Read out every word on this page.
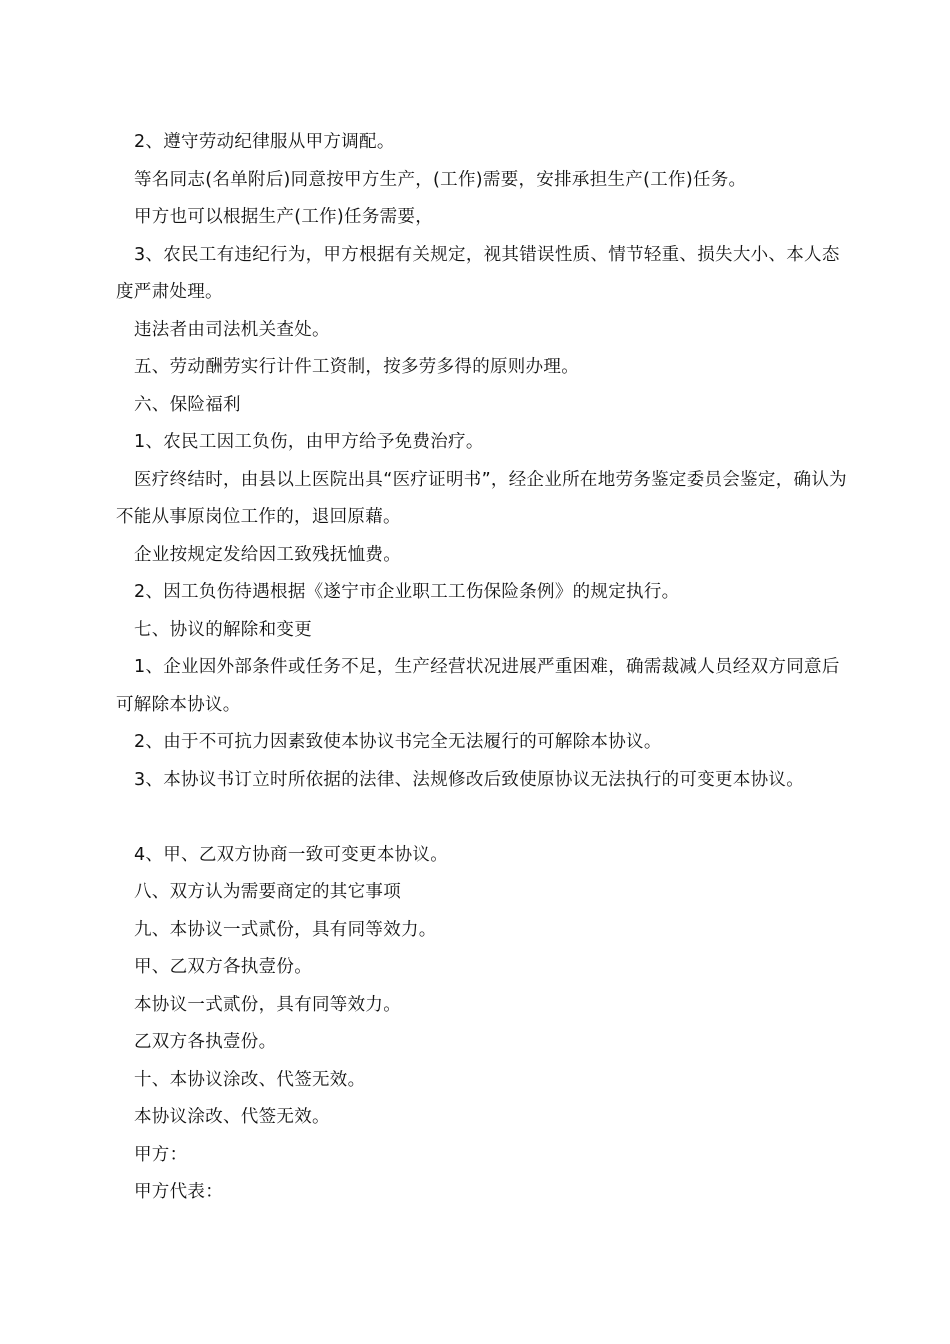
2、遵守劳动纪律服从甲方调配。

等名同志(名单附后)同意按甲方生产，(工作)需要，安排承担生产(工作)任务。

甲方也可以根据生产(工作)任务需要，

3、农民工有违纪行为，甲方根据有关规定，视其错误性质、情节轻重、损失大小、本人态度严肃处理。

违法者由司法机关查处。

五、劳动酬劳实行计件工资制，按多劳多得的原则办理。

六、保险福利

1、农民工因工负伤，由甲方给予免费治疗。

医疗终结时，由县以上医院出具“医疗证明书”，经企业所在地劳务鉴定委员会鉴定，确认为不能从事原岗位工作的，退回原藉。

企业按规定发给因工致残抚恤费。

2、因工负伤待遇根据《遂宁市企业职工工伤保险条例》的规定执行。

七、协议的解除和变更

1、企业因外部条件或任务不足，生产经营状况进展严重困难，确需裁减人员经双方同意后可解除本协议。

2、由于不可抗力因素致使本协议书完全无法履行的可解除本协议。

3、本协议书订立时所依据的法律、法规修改后致使原协议无法执行的可变更本协议。

4、甲、乙双方协商一致可变更本协议。

八、双方认为需要商定的其它事项

九、本协议一式贰份，具有同等效力。

甲、乙双方各执壹份。

本协议一式贰份，具有同等效力。

乙双方各执壹份。

十、本协议涂改、代签无效。

本协议涂改、代签无效。

甲方：

甲方代表：
